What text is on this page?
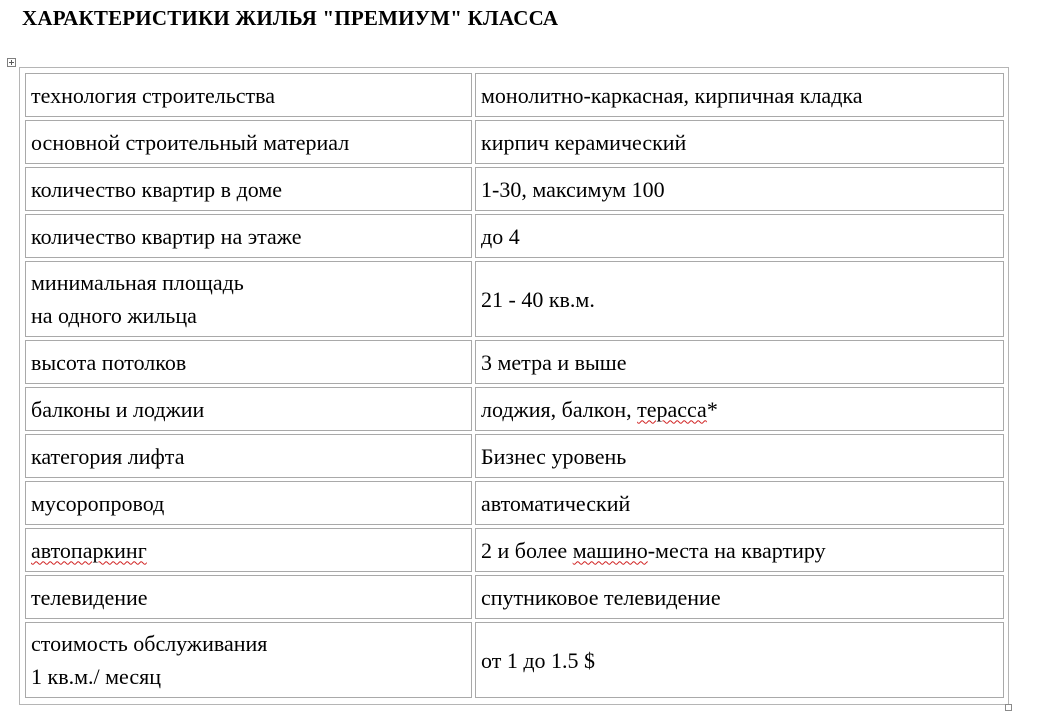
ХАРАКТЕРИСТИКИ ЖИЛЬЯ "ПРЕМИУМ" КЛАССА
технология строительства	монолитно-каркасная, кирпичная кладка
основной строительный материал	кирпич керамический
количество квартир в доме	1-30, максимум 100
количество квартир на этаже	до 4

минимальная площадь
на одного жильца	21 - 40 кв.м.
высота потолков	3 метра и выше
балконы и лоджии	лоджия, балкон, терасса*
категория лифта	Бизнес уровень
мусоропровод	автоматический
автопаркинг	2 и более машино-места на квартиру
телевидение	спутниковое телевидение

стоимость обслуживания
1 кв.м./ месяц	от 1 до 1.5 $
